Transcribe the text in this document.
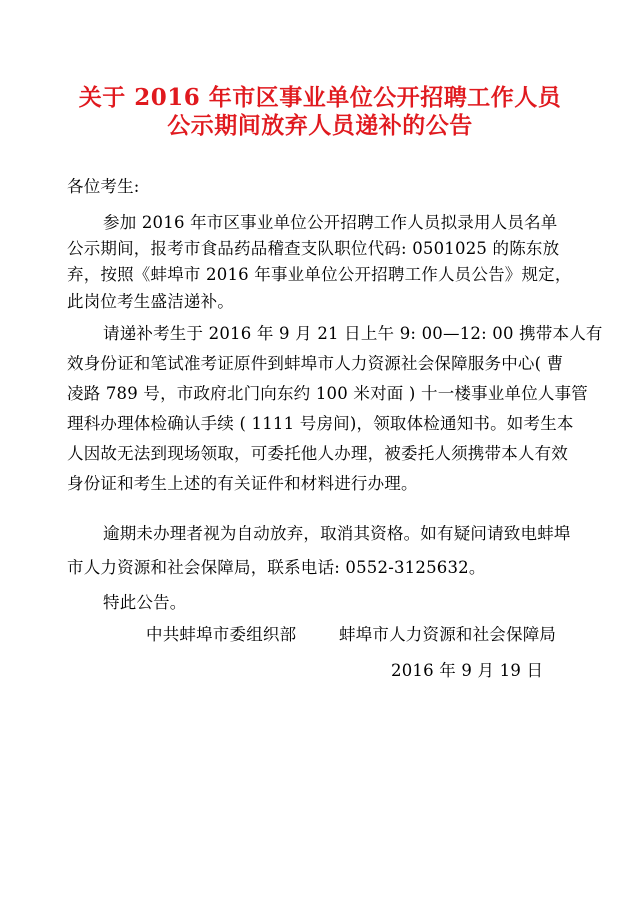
关于 2016 年市区事业单位公开招聘工作人员
公示期间放弃人员递补的公告
各位考生:
参加 2016 年市区事业单位公开招聘工作人员拟录用人员名单
公示期间，报考市食品药品稽查支队职位代码: 0501025 的陈东放
弃，按照《蚌埠市 2016 年事业单位公开招聘工作人员公告》规定，
此岗位考生盛洁递补。
请递补考生于 2016 年 9 月 21 日上午 9: 00—12: 00 携带本人有
效身份证和笔试准考证原件到蚌埠市人力资源社会保障服务中心( 曹
凌路 789 号，市政府北门向东约 100 米对面 ) 十一楼事业单位人事管
理科办理体检确认手续 ( 1111 号房间)，领取体检通知书。如考生本
人因故无法到现场领取，可委托他人办理，被委托人须携带本人有效
身份证和考生上述的有关证件和材料进行办理。
逾期未办理者视为自动放弃，取消其资格。如有疑问请致电蚌埠
市人力资源和社会保障局，联系电话: 0552-3125632。
特此公告。
中共蚌埠市委组织部	蚌埠市人力资源和社会保障局
2016 年 9 月 19 日
